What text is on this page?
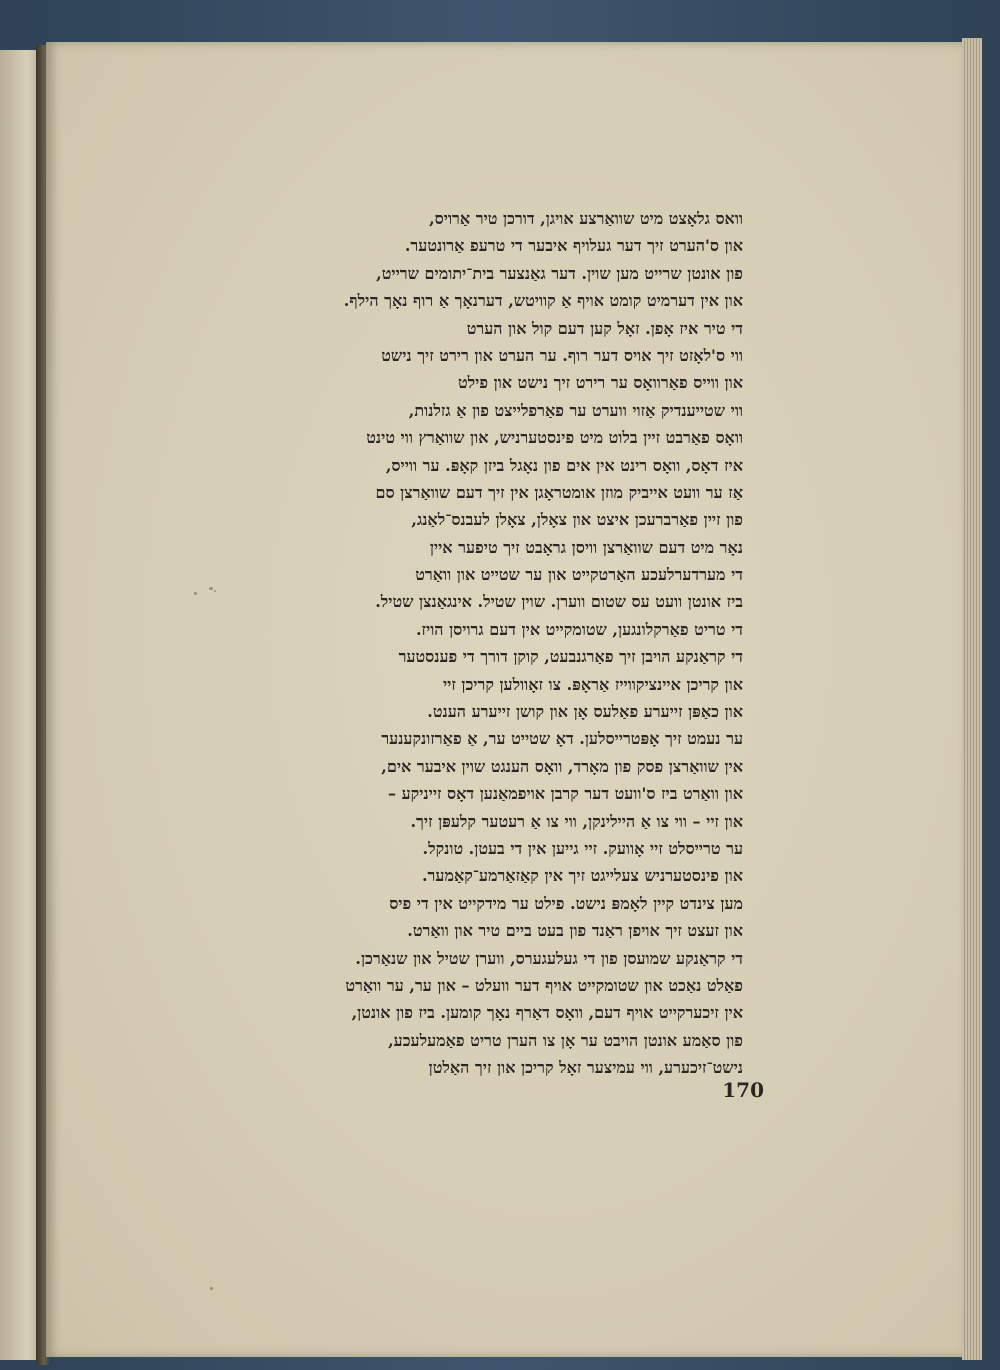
וואס גלאָצט מיט שוואַרצע אויגן, דורכן טיר אַרויס,
און ס'הערט זיך דער געלויף איבער די טרעפ אַרונטער.
פון אונטן שרייט מען שוין. דער גאַנצער בית־יתומים שרייט,
און אין דערמיט קומט אויף אַ קוויטש, דערנאָך אַ רוף נאָך הילף.
די טיר איז אָפן. זאָל קען דעם קול און הערט
ווי ס'לאָזט זיך אויס דער רוף. ער הערט און רירט זיך נישט
און ווייס פאַרוואָס ער רירט זיך נישט און פילט
ווי שטייענדיק אַזוי ווערט ער פאַרפלייצט פון אַ גזלנות,
וואָס פאַרבט זיין בלוט מיט פינסטערניש, און שוואַרץ ווי טינט
איז דאָס, וואָס רינט אין אים פון נאָגל ביזן קאָפּ. ער ווייס,
אַז ער וועט אייביק מוזן אומטראָגן אין זיך דעם שוואַרצן סם
פון זיין פאַרברעכן איצט און צאָלן, צאָלן לעבנס־לאַנג,
נאָר מיט דעם שוואַרצן וויסן גראָבט זיך טיפער איין
די מערדערלעכע האַרטקייט און ער שטייט און וואַרט
ביז אונטן וועט עס שטום ווערן. שוין שטיל. אינגאַנצן שטיל.
די טריט פאַרקלונגען, שטומקייט אין דעם גרויסן הויז.
די קראַנקע הויבן זיך פאַרגנבעט, קוקן דורך די פענסטער
און קריכן איינציקווייז אַראָפּ. צו זאָוולען קריכן זיי
און כאַפּן זייערע פאַלעס אָן און קושן זייערע הענט.
ער נעמט זיך אָפּטרייסלען. דאָ שטייט ער, אַ פאַרזונקענער
אין שוואַרצן פסק פון מאָרד, וואָס הענגט שוין איבער אים,
און וואַרט ביז ס'וועט דער קרבן אויפמאַנען דאָס זייניקע –
און זיי – ווי צו אַ היילינקן, ווי צו אַ רעטער קלעפּן זיך.
ער טרייסלט זיי אָוועק. זיי גייען אין די בעטן. טונקל.
און פינסטערניש צעלייגט זיך אין קאַזאַרמע־קאַמער.
מען צינדט קיין לאָמפּ נישט. פילט ער מידקייט אין די פיס
און זעצט זיך אויפן ראַנד פון בעט ביים טיר און וואַרט.
די קראַנקע שמועסן פון די געלעגערס, ווערן שטיל און שנאַרכן.
פאַלט נאַכט און שטומקייט אויף דער וועלט – און ער, ער וואַרט
אין זיכערקייט אויף דעם, וואָס דאַרף נאָך קומען. ביז פון אונטן,
פון סאַמע אונטן הויבט ער אָן צו הערן טריט פאַמעלעכע,
נישט־זיכערע, ווי עמיצער זאָל קריכן און זיך האַלטן
170
